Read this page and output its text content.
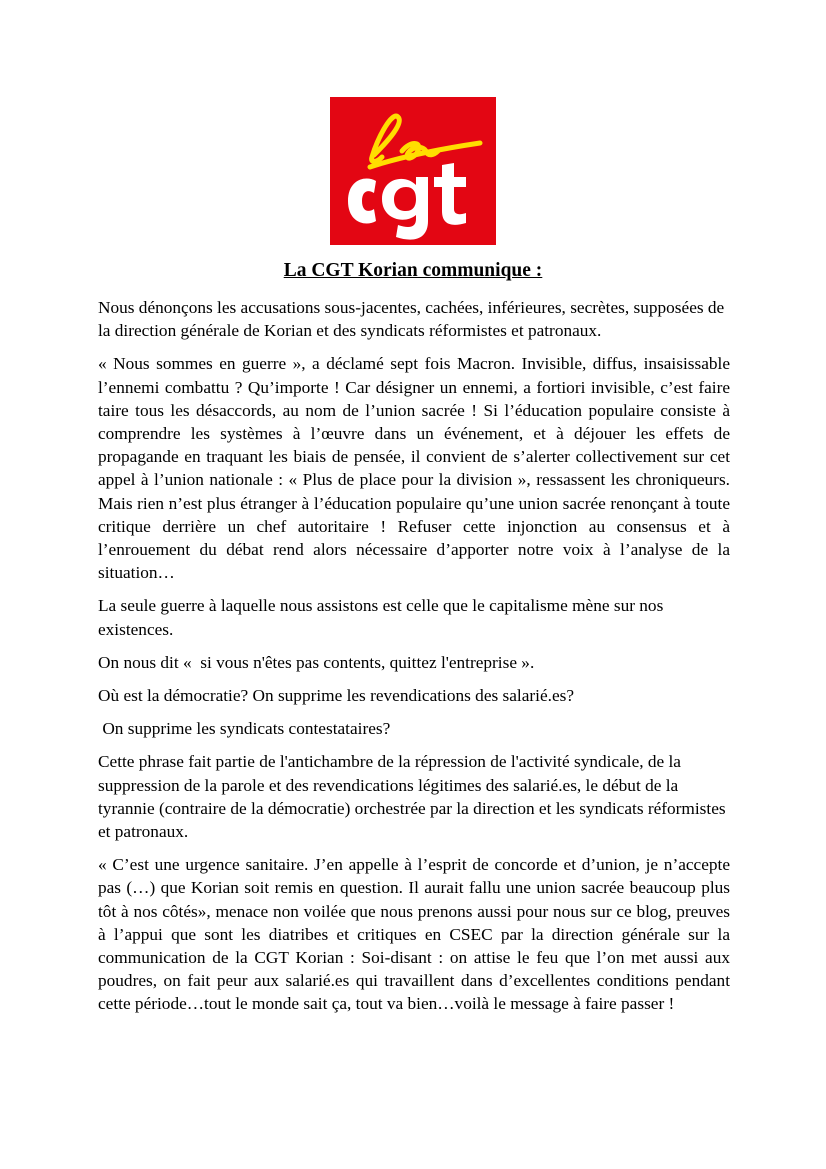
La CGT Korian communique :

Nous dénonçons les accusations sous-jacentes, cachées, inférieures, secrètes, supposées de la direction générale de Korian et des syndicats réformistes et patronaux.

« Nous sommes en guerre », a déclamé sept fois Macron. Invisible, diffus, insaisissable l’ennemi combattu ? Qu’importe ! Car désigner un ennemi, a fortiori invisible, c’est faire taire tous les désaccords, au nom de l’union sacrée ! Si l’éducation populaire consiste à comprendre les systèmes à l’œuvre dans un événement, et à déjouer les effets de propagande en traquant les biais de pensée, il convient de s’alerter collectivement sur cet appel à l’union nationale : « Plus de place pour la division », ressassent les chroniqueurs. Mais rien n’est plus étranger à l’éducation populaire qu’une union sacrée renonçant à toute critique derrière un chef autoritaire ! Refuser cette injonction au consensus et à l’enrouement du débat rend alors nécessaire d’apporter notre voix à l’analyse de la situation…

La seule guerre à laquelle nous assistons est celle que le capitalisme mène sur nos existences.

On nous dit «  si vous n'êtes pas contents, quittez l'entreprise ».

Où est la démocratie? On supprime les revendications des salarié.es?

On supprime les syndicats contestataires?

Cette phrase fait partie de l'antichambre de la répression de l'activité syndicale, de la suppression de la parole et des revendications légitimes des salarié.es, le début de la tyrannie (contraire de la démocratie) orchestrée par la direction et les syndicats réformistes et patronaux.

« C’est une urgence sanitaire. J’en appelle à l’esprit de concorde et d’union, je n’accepte pas (…) que Korian soit remis en question. Il aurait fallu une union sacrée beaucoup plus tôt à nos côtés», menace non voilée que nous prenons aussi pour nous sur ce blog, preuves à l’appui que sont les diatribes et critiques en CSEC par la direction générale sur la communication de la CGT Korian : Soi-disant : on attise le feu que l’on met aussi aux poudres, on fait peur aux salarié.es qui travaillent dans d’excellentes conditions pendant cette période…tout le monde sait ça, tout va bien…voilà le message à faire passer !
